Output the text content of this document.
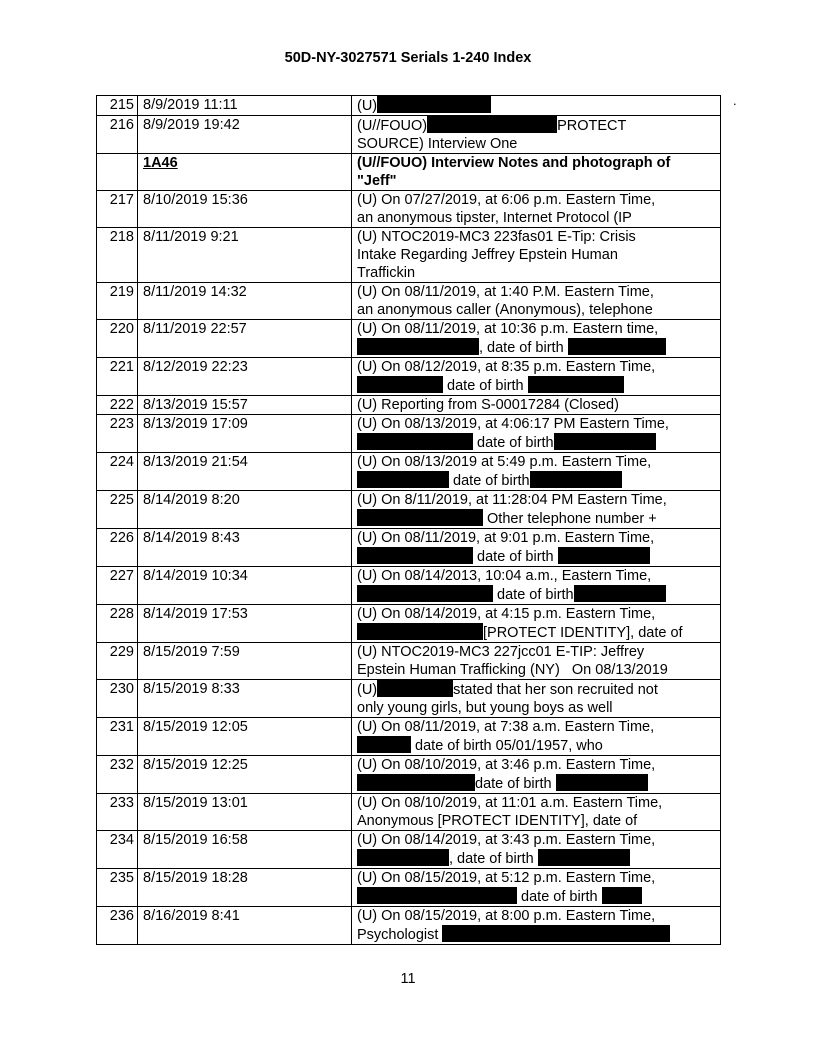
50D-NY-3027571 Serials 1-240 Index
.
215	8/9/2019 11:11	(U)

216	8/9/2019 19:42	(U//FOUO) PROTECT
SOURCE) Interview One

	1A46	(U//FOUO) Interview Notes and photograph of
"Jeff"

217	8/10/2019 15:36	(U) On 07/27/2019, at 6:06 p.m. Eastern Time,
an anonymous tipster, Internet Protocol (IP

218	8/11/2019 9:21	(U) NTOC2019-MC3 223fas01 E-Tip: Crisis
Intake Regarding Jeffrey Epstein Human
Traffickin

219	8/11/2019 14:32	(U) On 08/11/2019, at 1:40 P.M. Eastern Time,
an anonymous caller (Anonymous), telephone

220	8/11/2019 22:57	(U) On 08/11/2019, at 10:36 p.m. Eastern time,
, date of birth

221	8/12/2019 22:23	(U) On 08/12/2019, at 8:35 p.m. Eastern Time,
date of birth

222	8/13/2019 15:57	(U) Reporting from S-00017284 (Closed)

223	8/13/2019 17:09	(U) On 08/13/2019, at 4:06:17 PM Eastern Time,
date of birth

224	8/13/2019 21:54	(U) On 08/13/2019 at 5:49 p.m. Eastern Time,
date of birth

225	8/14/2019 8:20	(U) On 8/11/2019, at 11:28:04 PM Eastern Time,
Other telephone number +

226	8/14/2019 8:43	(U) On 08/11/2019, at 9:01 p.m. Eastern Time,
date of birth

227	8/14/2019 10:34	(U) On 08/14/2013, 10:04 a.m., Eastern Time,
date of birth

228	8/14/2019 17:53	(U) On 08/14/2019, at 4:15 p.m. Eastern Time,
[PROTECT IDENTITY], date of

229	8/15/2019 7:59	(U) NTOC2019-MC3 227jcc01 E-TIP: Jeffrey
Epstein Human Trafficking (NY)   On 08/13/2019

230	8/15/2019 8:33	(U) stated that her son recruited not
only young girls, but young boys as well

231	8/15/2019 12:05	(U) On 08/11/2019, at 7:38 a.m. Eastern Time,
date of birth 05/01/1957, who

232	8/15/2019 12:25	(U) On 08/10/2019, at 3:46 p.m. Eastern Time,
date of birth

233	8/15/2019 13:01	(U) On 08/10/2019, at 11:01 a.m. Eastern Time,
Anonymous [PROTECT IDENTITY], date of

234	8/15/2019 16:58	(U) On 08/14/2019, at 3:43 p.m. Eastern Time,
, date of birth

235	8/15/2019 18:28	(U) On 08/15/2019, at 5:12 p.m. Eastern Time,
date of birth

236	8/16/2019 8:41	(U) On 08/15/2019, at 8:00 p.m. Eastern Time,
Psychologist
11
